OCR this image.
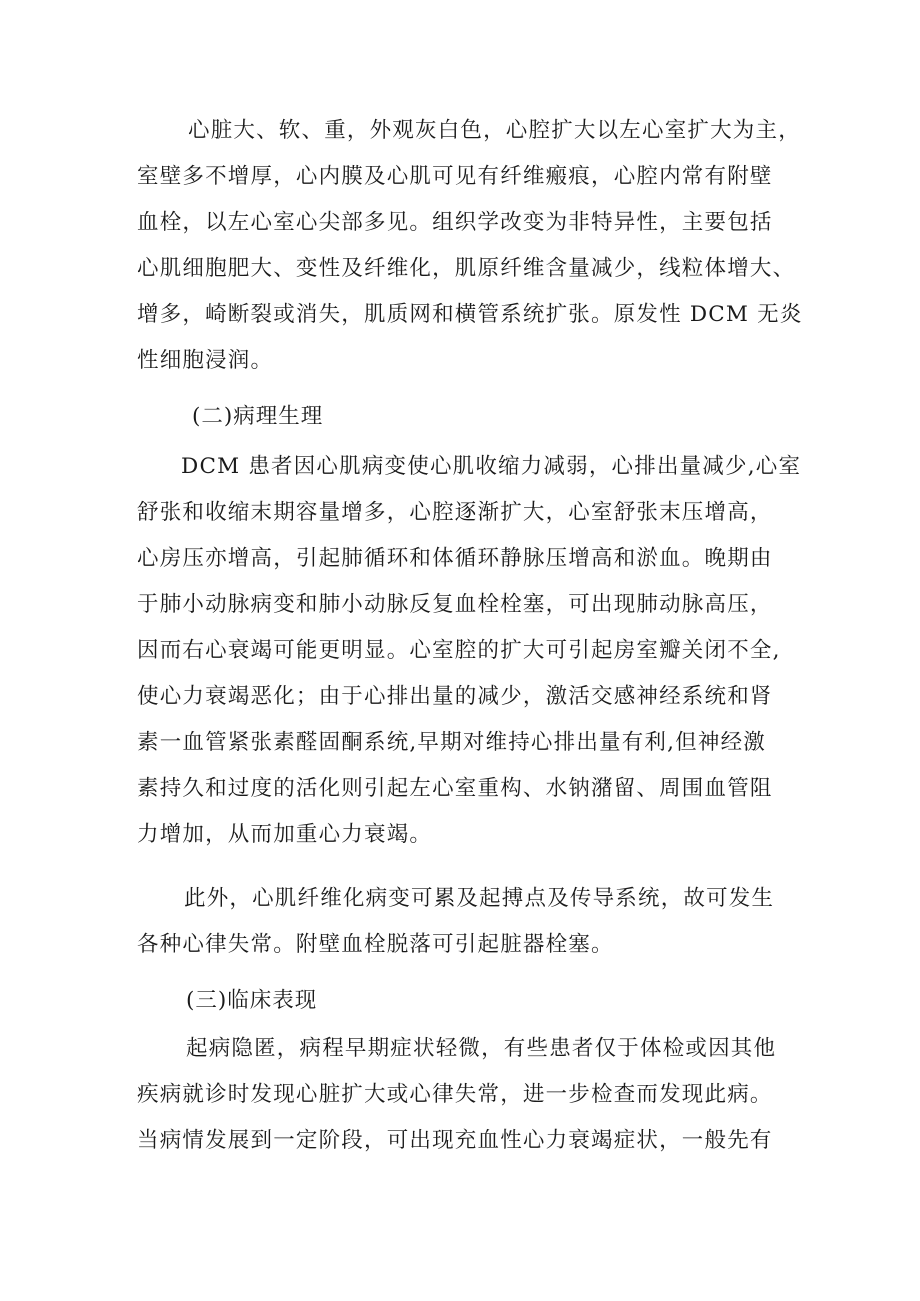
心脏大、软、重，外观灰白色，心腔扩大以左心室扩大为主，
室壁多不增厚，心内膜及心肌可见有纤维瘢痕，心腔内常有附壁
血栓，以左心室心尖部多见。组织学改变为非特异性，主要包括
心肌细胞肥大、变性及纤维化，肌原纤维含量减少，线粒体增大、
增多，崎断裂或消失，肌质网和横管系统扩张。原发性 DCM 无炎
性细胞浸润。
(二)病理生理
DCM 患者因心肌病变使心肌收缩力减弱，心排出量减少,心室
舒张和收缩末期容量增多，心腔逐渐扩大，心室舒张末压增高，
心房压亦增高，引起肺循环和体循环静脉压增高和淤血。晚期由
于肺小动脉病变和肺小动脉反复血栓栓塞，可出现肺动脉高压，
因而右心衰竭可能更明显。心室腔的扩大可引起房室瓣关闭不全,
使心力衰竭恶化；由于心排出量的减少，激活交感神经系统和肾
素一血管紧张素醛固酮系统,早期对维持心排出量有利,但神经激
素持久和过度的活化则引起左心室重构、水钠潴留、周围血管阻
力增加，从而加重心力衰竭。
此外，心肌纤维化病变可累及起搏点及传导系统，故可发生
各种心律失常。附壁血栓脱落可引起脏器栓塞。
(三)临床表现
起病隐匿，病程早期症状轻微，有些患者仅于体检或因其他
疾病就诊时发现心脏扩大或心律失常，进一步检查而发现此病。
当病情发展到一定阶段，可出现充血性心力衰竭症状，一般先有
